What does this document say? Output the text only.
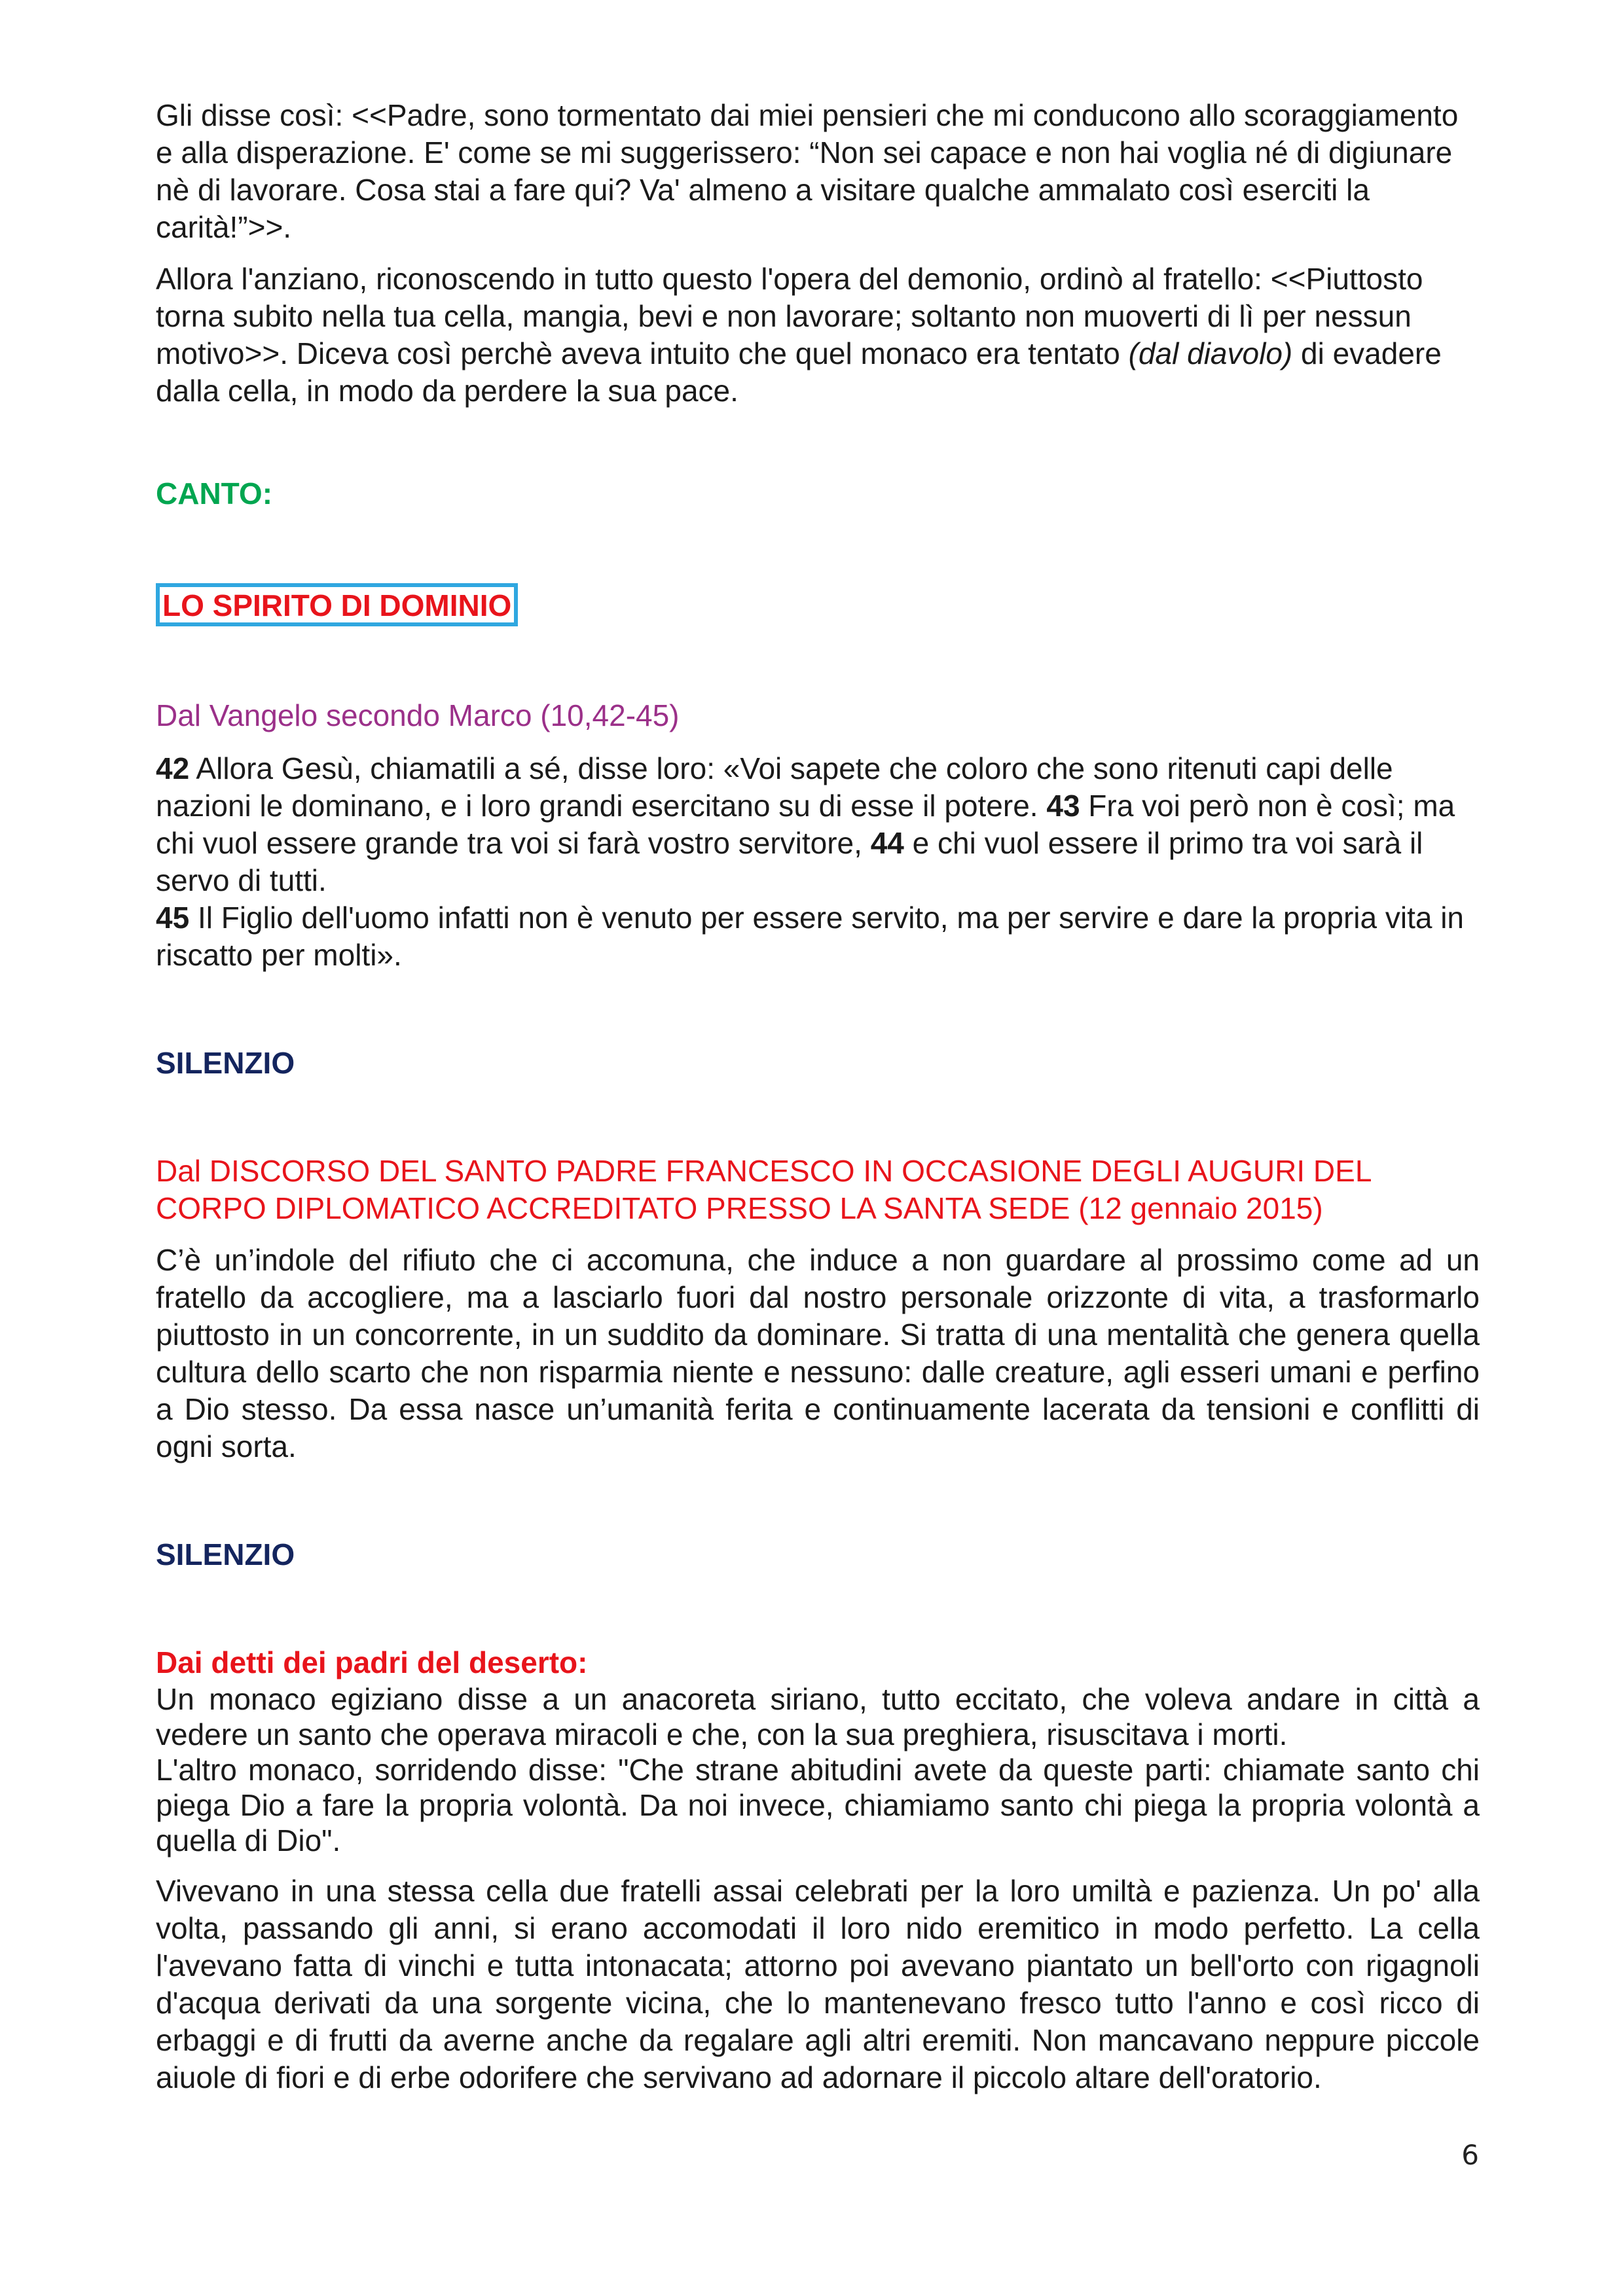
Gli disse così: <<Padre, sono tormentato dai miei pensieri che mi conducono allo scoraggiamento e alla disperazione. E' come se mi suggerissero: “Non sei capace e non hai voglia né di digiunare nè di lavorare. Cosa stai a fare qui? Va' almeno a visitare qualche ammalato così eserciti la carità!”>>.

Allora l'anziano, riconoscendo in tutto questo l'opera del demonio, ordinò al fratello: <<Piuttosto torna subito nella tua cella, mangia, bevi e non lavorare; soltanto non muoverti di lì per nessun motivo>>. Diceva così perchè aveva intuito che quel monaco era tentato (dal diavolo) di evadere dalla cella, in modo da perdere la sua pace.

CANTO:

LO SPIRITO DI DOMINIO

Dal Vangelo secondo Marco (10,42-45)

42 Allora Gesù, chiamatili a sé, disse loro: «Voi sapete che coloro che sono ritenuti capi delle nazioni le dominano, e i loro grandi esercitano su di esse il potere. 43 Fra voi però non è così; ma chi vuol essere grande tra voi si farà vostro servitore, 44 e chi vuol essere il primo tra voi sarà il servo di tutti.
45 Il Figlio dell'uomo infatti non è venuto per essere servito, ma per servire e dare la propria vita in riscatto per molti».

SILENZIO

Dal DISCORSO DEL SANTO PADRE FRANCESCO IN OCCASIONE DEGLI AUGURI DEL CORPO DIPLOMATICO ACCREDITATO PRESSO LA SANTA SEDE (12 gennaio 2015)

C’è un’indole del rifiuto che ci accomuna, che induce a non guardare al prossimo come ad un fratello da accogliere, ma a lasciarlo fuori dal nostro personale orizzonte di vita, a trasformarlo piuttosto in un concorrente, in un suddito da dominare. Si tratta di una mentalità che genera quella cultura dello scarto che non risparmia niente e nessuno: dalle creature, agli esseri umani e perfino a Dio stesso. Da essa nasce un’umanità ferita e continuamente lacerata da tensioni e conflitti di ogni sorta.

SILENZIO

Dai detti dei padri del deserto:

Un monaco egiziano disse a un anacoreta siriano, tutto eccitato, che voleva andare in città a vedere un santo che operava miracoli e che, con la sua preghiera, risuscitava i morti.

L'altro monaco, sorridendo disse: "Che strane abitudini avete da queste parti: chiamate santo chi piega Dio a fare la propria volontà. Da noi invece, chiamiamo santo chi piega la propria volontà a quella di Dio".

Vivevano in una stessa cella due fratelli assai celebrati per la loro umiltà e pazienza. Un po' alla volta, passando gli anni, si erano accomodati il loro nido eremitico in modo perfetto. La cella l'avevano fatta di vinchi e tutta intonacata; attorno poi avevano piantato un bell'orto con rigagnoli d'acqua derivati da una sorgente vicina, che lo mantenevano fresco tutto l'anno e così ricco di erbaggi e di frutti da averne anche da regalare agli altri eremiti. Non mancavano neppure piccole aiuole di fiori e di erbe odorifere che servivano ad adornare il piccolo altare dell'oratorio.

6
